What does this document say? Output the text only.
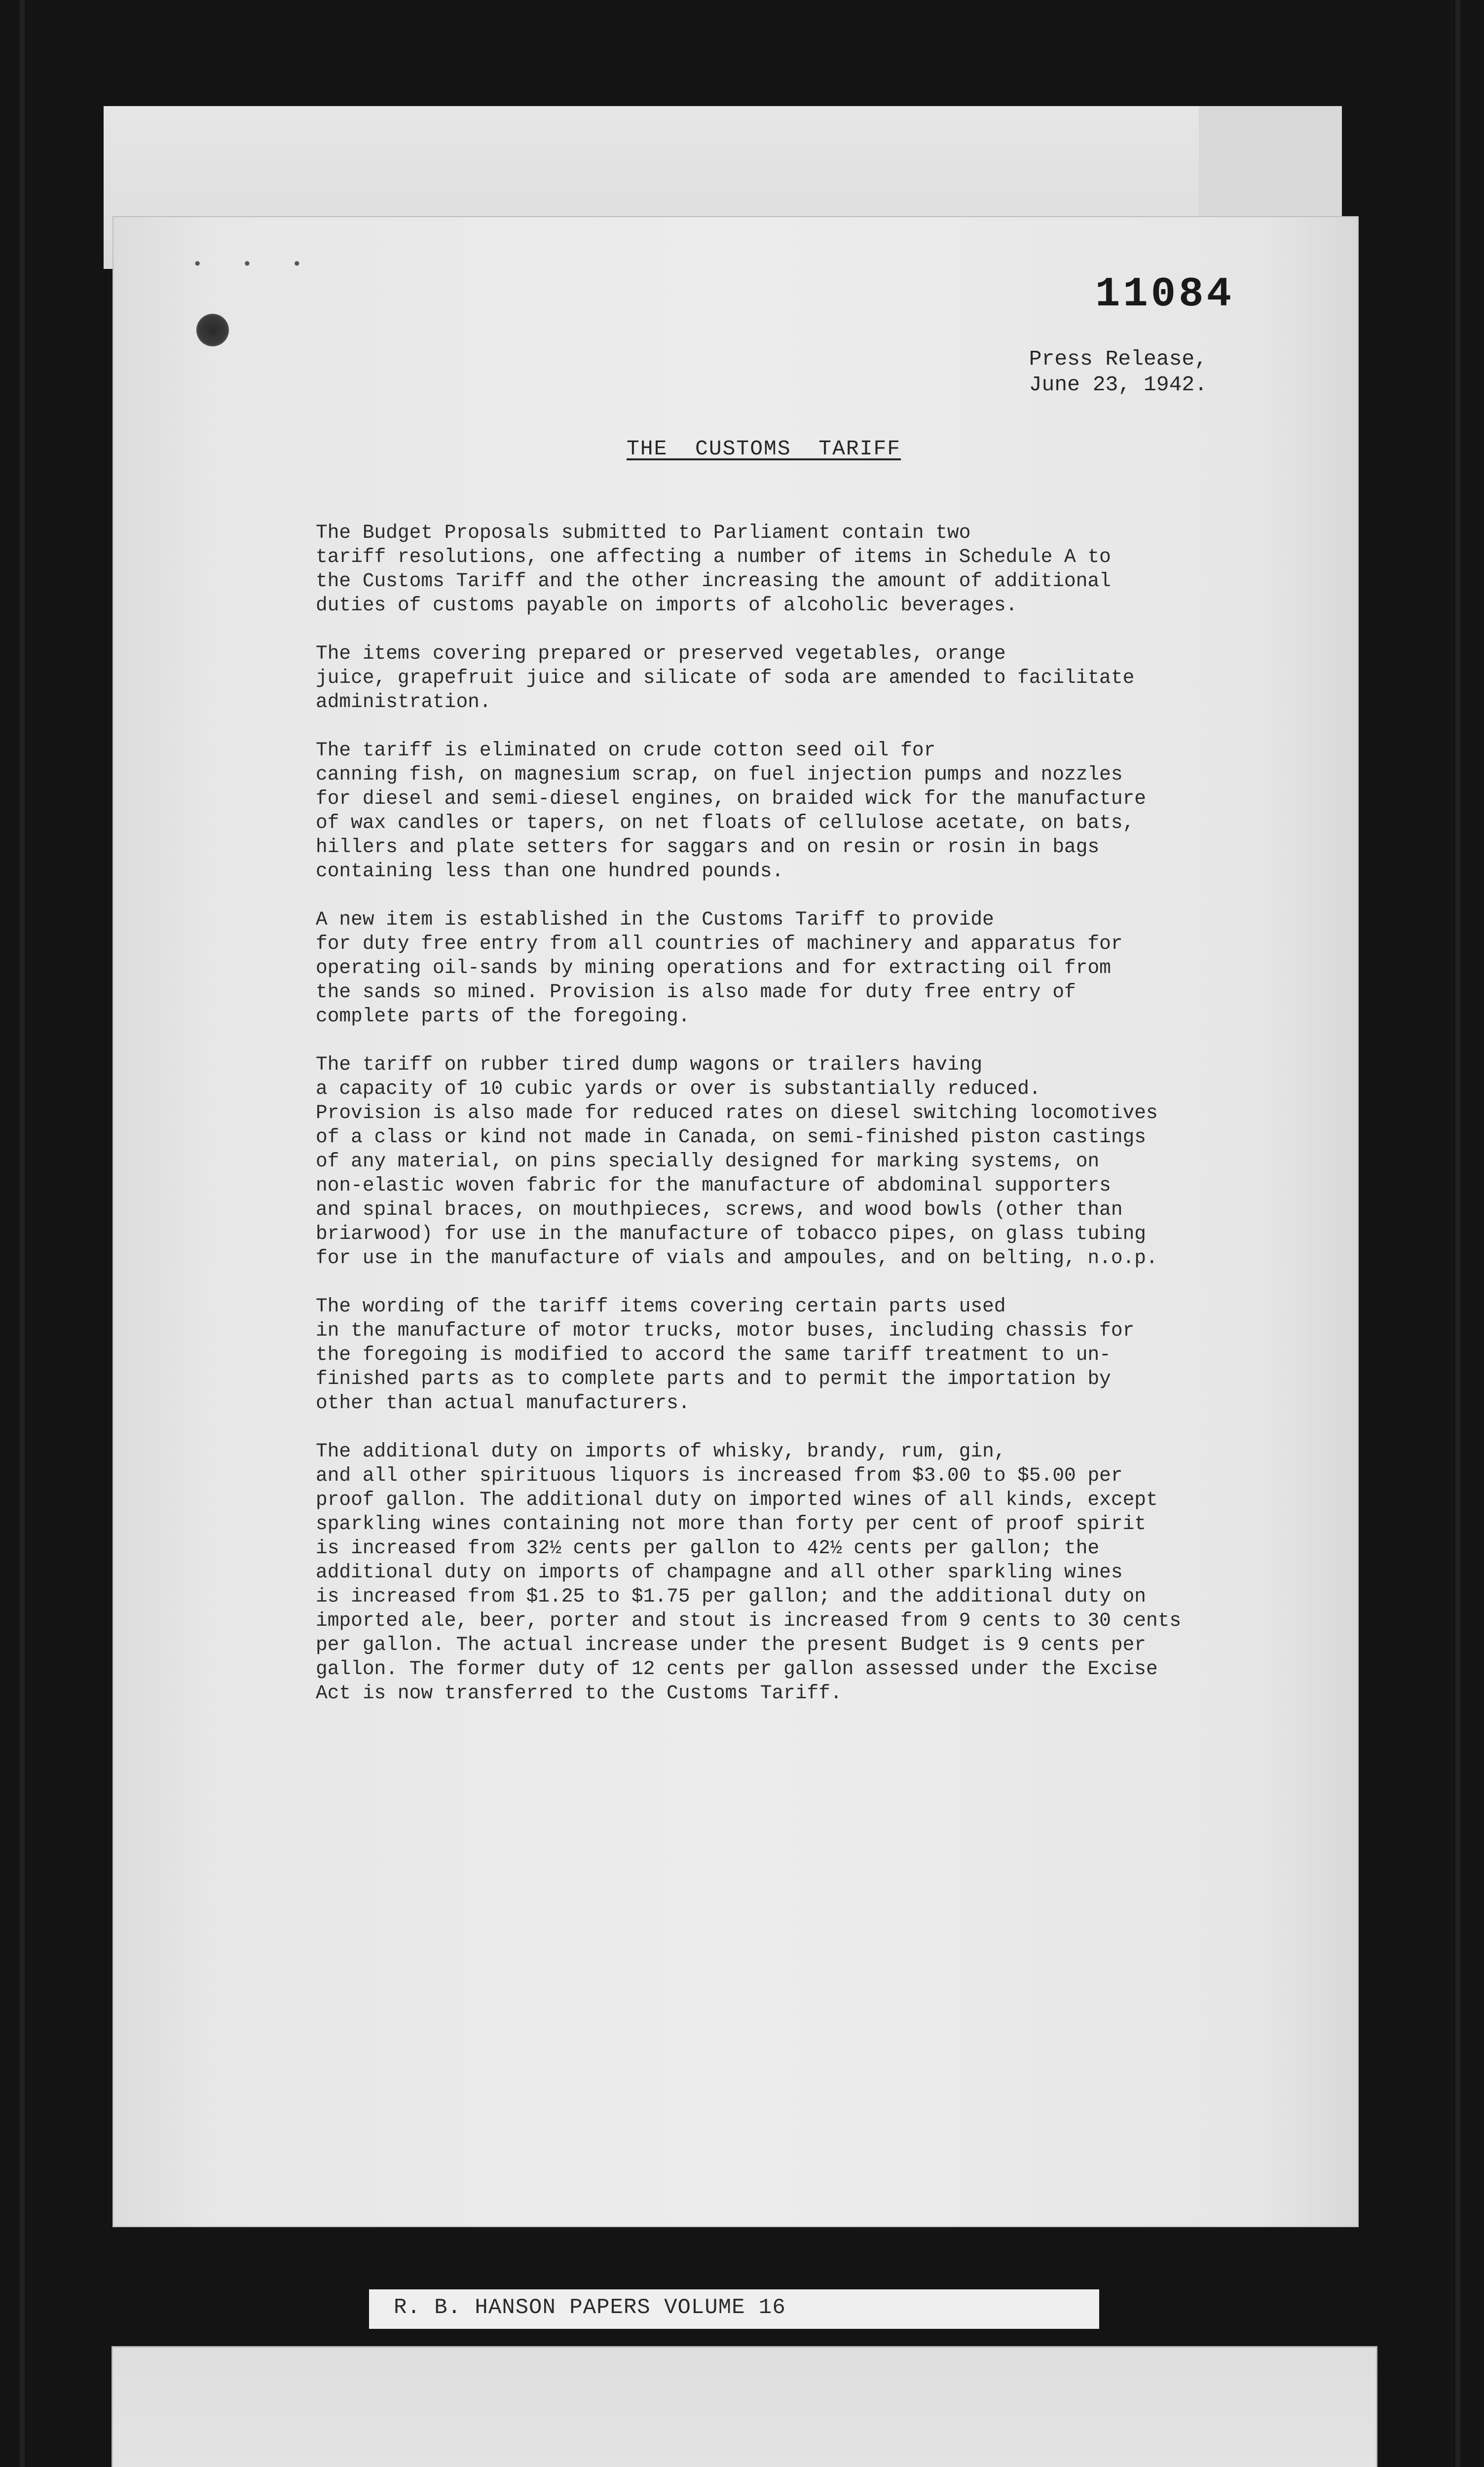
• • •
11084
Press Release,
June 23, 1942.
THE  CUSTOMS  TARIFF

The Budget Proposals submitted to Parliament contain two
tariff resolutions, one affecting a number of items in Schedule A to
the Customs Tariff and the other increasing the amount of additional
duties of customs payable on imports of alcoholic beverages.

The items covering prepared or preserved vegetables, orange
juice, grapefruit juice and silicate of soda are amended to facilitate
administration.

The tariff is eliminated on crude cotton seed oil for
canning fish, on magnesium scrap, on fuel injection pumps and nozzles
for diesel and semi-diesel engines, on braided wick for the manufacture
of wax candles or tapers, on net floats of cellulose acetate, on bats,
hillers and plate setters for saggars and on resin or rosin in bags
containing less than one hundred pounds.

A new item is established in the Customs Tariff to provide
for duty free entry from all countries of machinery and apparatus for
operating oil-sands by mining operations and for extracting oil from
the sands so mined. Provision is also made for duty free entry of
complete parts of the foregoing.

The tariff on rubber tired dump wagons or trailers having
a capacity of 10 cubic yards or over is substantially reduced.
Provision is also made for reduced rates on diesel switching locomotives
of a class or kind not made in Canada, on semi-finished piston castings
of any material, on pins specially designed for marking systems, on
non-elastic woven fabric for the manufacture of abdominal supporters
and spinal braces, on mouthpieces, screws, and wood bowls (other than
briarwood) for use in the manufacture of tobacco pipes, on glass tubing
for use in the manufacture of vials and ampoules, and on belting, n.o.p.

The wording of the tariff items covering certain parts used
in the manufacture of motor trucks, motor buses, including chassis for
the foregoing is modified to accord the same tariff treatment to un-
finished parts as to complete parts and to permit the importation by
other than actual manufacturers.

The additional duty on imports of whisky, brandy, rum, gin,
and all other spirituous liquors is increased from $3.00 to $5.00 per
proof gallon. The additional duty on imported wines of all kinds, except
sparkling wines containing not more than forty per cent of proof spirit
is increased from 32½ cents per gallon to 42½ cents per gallon; the
additional duty on imports of champagne and all other sparkling wines
is increased from $1.25 to $1.75 per gallon; and the additional duty on
imported ale, beer, porter and stout is increased from 9 cents to 30 cents
per gallon. The actual increase under the present Budget is 9 cents per
gallon. The former duty of 12 cents per gallon assessed under the Excise
Act is now transferred to the Customs Tariff.

R. B. HANSON PAPERS VOLUME 16
